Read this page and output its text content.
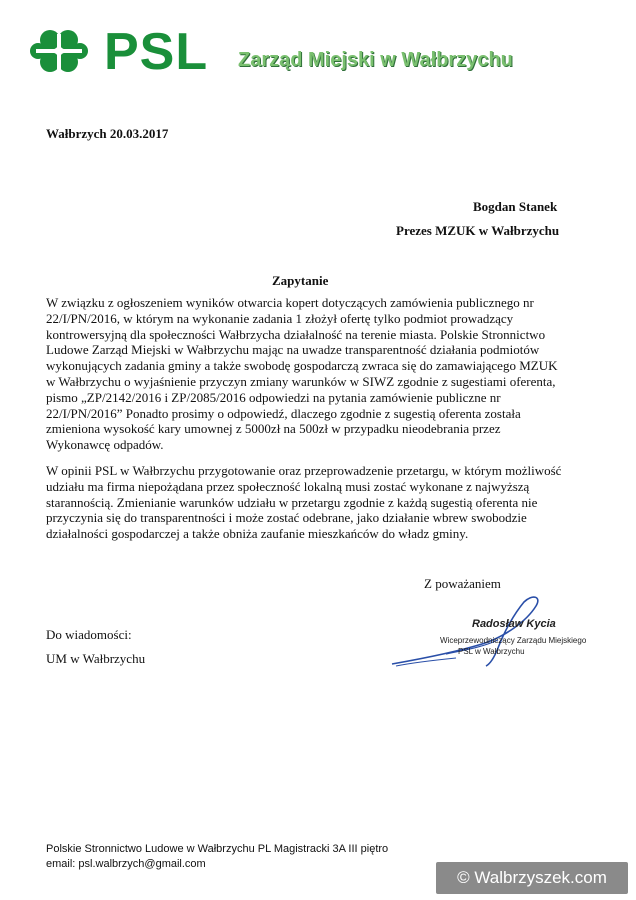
PSL Zarząd Miejski w Wałbrzychu
Wałbrzych 20.03.2017
Bogdan Stanek
Prezes MZUK w Wałbrzychu
Zapytanie

W związku z ogłoszeniem wyników otwarcia kopert dotyczących zamówienia publicznego nr 22/I/PN/2016, w którym na wykonanie zadania 1 złożył ofertę tylko podmiot prowadzący kontrowersyjną dla społeczności Wałbrzycha działalność na terenie miasta. Polskie Stronnictwo Ludowe Zarząd Miejski w Wałbrzychu mając na uwadze transparentność działania podmiotów wykonujących zadania gminy a także swobodę gospodarczą zwraca się do zamawiającego MZUK w Wałbrzychu o wyjaśnienie przyczyn zmiany warunków w SIWZ zgodnie z sugestiami oferenta, pismo „ZP/2142/2016 i ZP/2085/2016 odpowiedzi na pytania zamówienie publiczne nr 22/I/PN/2016” Ponadto prosimy o odpowiedź, dlaczego zgodnie z sugestią oferenta została zmieniona wysokość kary umownej z 5000zł na 500zł w przypadku nieodebrania przez Wykonawcę odpadów.

W opinii PSL w Wałbrzychu przygotowanie oraz przeprowadzenie przetargu, w którym możliwość udziału ma firma niepożądana przez społeczność lokalną musi zostać wykonane z najwyższą starannością. Zmienianie warunków udziału w przetargu zgodnie z każdą sugestią oferenta nie przyczynia się do transparentności i może zostać odebrane, jako działanie wbrew swobodzie działalności gospodarczej a także obniża zaufanie mieszkańców do władz gminy.

Z poważaniem
Do wiadomości:
UM w Wałbrzychu
Radosław Kycia
Wiceprzewodniczący Zarządu Miejskiego
PSL w Wałbrzychu
Polskie Stronnictwo Ludowe w Wałbrzychu PL Magistracki 3A III piętro
email: psl.walbrzych@gmail.com
© Walbrzyszek.com
